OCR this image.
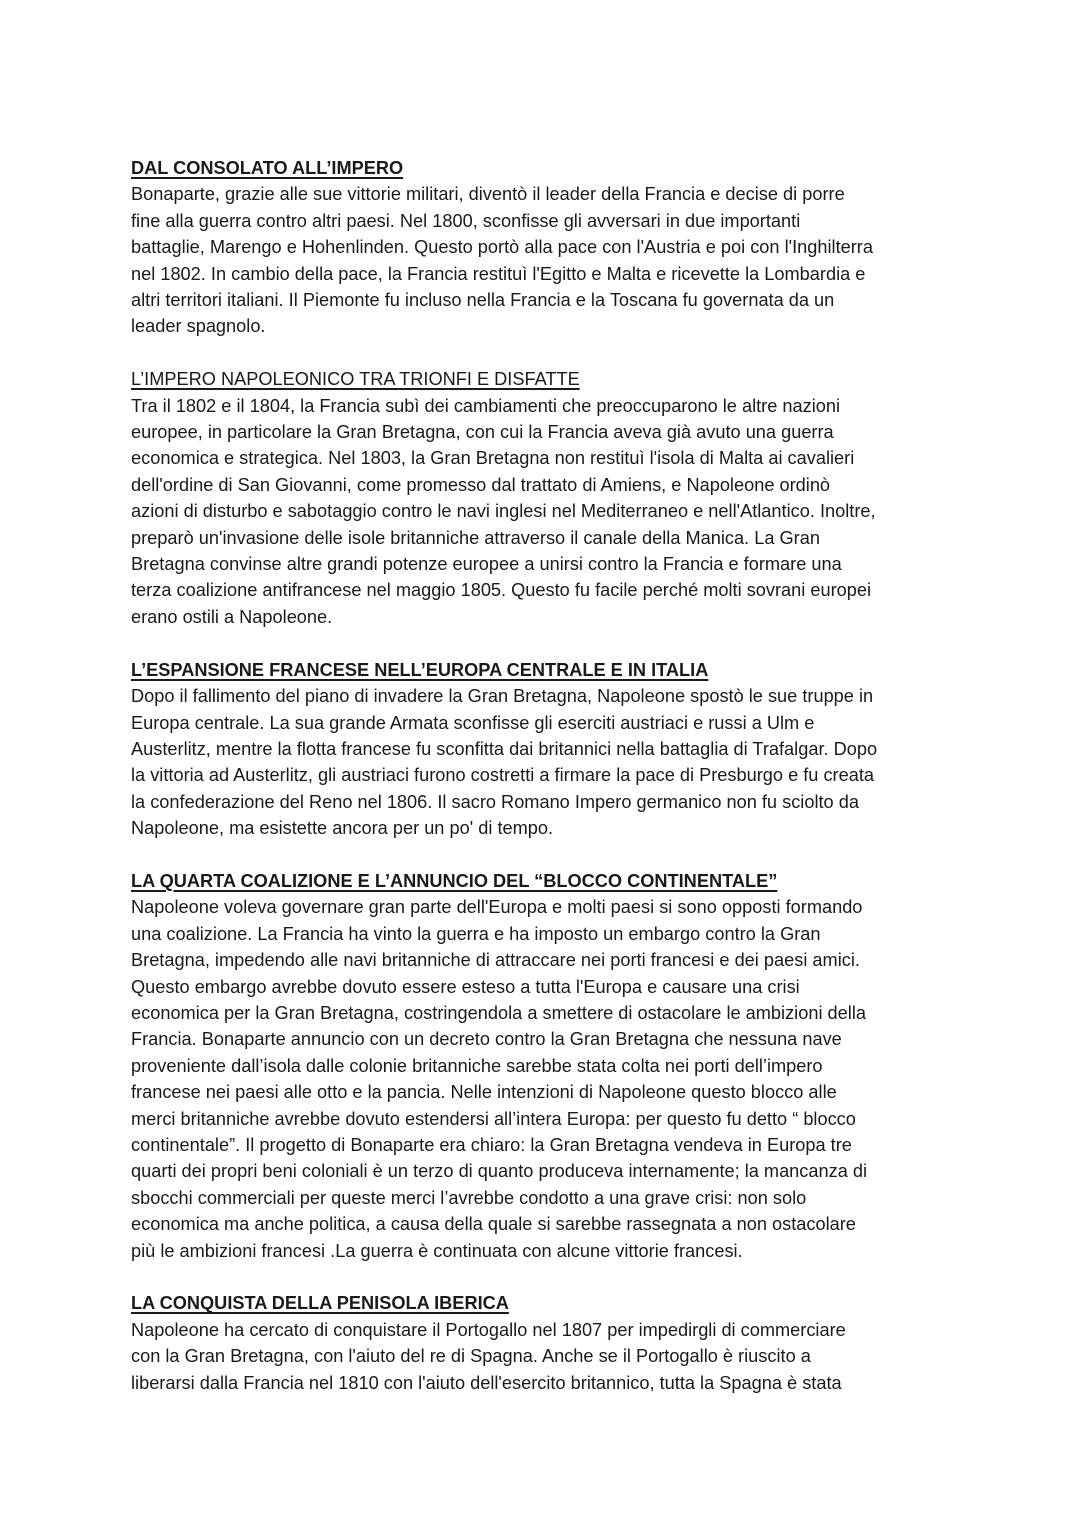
DAL CONSOLATO ALL’IMPERO

Bonaparte, grazie alle sue vittorie militari, diventò il leader della Francia e decise di porre
fine alla guerra contro altri paesi. Nel 1800, sconfisse gli avversari in due importanti
battaglie, Marengo e Hohenlinden. Questo portò alla pace con l'Austria e poi con l'Inghilterra
nel 1802. In cambio della pace, la Francia restituì l'Egitto e Malta e ricevette la Lombardia e
altri territori italiani. Il Piemonte fu incluso nella Francia e la Toscana fu governata da un
leader spagnolo.

L’IMPERO NAPOLEONICO TRA TRIONFI E DISFATTE

Tra il 1802 e il 1804, la Francia subì dei cambiamenti che preoccuparono le altre nazioni
europee, in particolare la Gran Bretagna, con cui la Francia aveva già avuto una guerra
economica e strategica. Nel 1803, la Gran Bretagna non restituì l'isola di Malta ai cavalieri
dell'ordine di San Giovanni, come promesso dal trattato di Amiens, e Napoleone ordinò
azioni di disturbo e sabotaggio contro le navi inglesi nel Mediterraneo e nell'Atlantico. Inoltre,
preparò un'invasione delle isole britanniche attraverso il canale della Manica. La Gran
Bretagna convinse altre grandi potenze europee a unirsi contro la Francia e formare una
terza coalizione antifrancese nel maggio 1805. Questo fu facile perché molti sovrani europei
erano ostili a Napoleone.

L’ESPANSIONE FRANCESE NELL’EUROPA CENTRALE E IN ITALIA

Dopo il fallimento del piano di invadere la Gran Bretagna, Napoleone spostò le sue truppe in
Europa centrale. La sua grande Armata sconfisse gli eserciti austriaci e russi a Ulm e
Austerlitz, mentre la flotta francese fu sconfitta dai britannici nella battaglia di Trafalgar. Dopo
la vittoria ad Austerlitz, gli austriaci furono costretti a firmare la pace di Presburgo e fu creata
la confederazione del Reno nel 1806. Il sacro Romano Impero germanico non fu sciolto da
Napoleone, ma esistette ancora per un po' di tempo.

LA QUARTA COALIZIONE E L’ANNUNCIO DEL “BLOCCO CONTINENTALE”

Napoleone voleva governare gran parte dell'Europa e molti paesi si sono opposti formando
una coalizione. La Francia ha vinto la guerra e ha imposto un embargo contro la Gran
Bretagna, impedendo alle navi britanniche di attraccare nei porti francesi e dei paesi amici.
Questo embargo avrebbe dovuto essere esteso a tutta l'Europa e causare una crisi
economica per la Gran Bretagna, costringendola a smettere di ostacolare le ambizioni della
Francia. Bonaparte annuncio con un decreto contro la Gran Bretagna che nessuna nave
proveniente dall’isola dalle colonie britanniche sarebbe stata colta nei porti dell’impero
francese nei paesi alle otto e la pancia. Nelle intenzioni di Napoleone questo blocco alle
merci britanniche avrebbe dovuto estendersi all’intera Europa: per questo fu detto “ blocco
continentale”. Il progetto di Bonaparte era chiaro: la Gran Bretagna vendeva in Europa tre
quarti dei propri beni coloniali è un terzo di quanto produceva internamente; la mancanza di
sbocchi commerciali per queste merci l’avrebbe condotto a una grave crisi: non solo
economica ma anche politica, a causa della quale si sarebbe rassegnata a non ostacolare
più le ambizioni francesi .La guerra è continuata con alcune vittorie francesi.

LA CONQUISTA DELLA PENISOLA IBERICA

Napoleone ha cercato di conquistare il Portogallo nel 1807 per impedirgli di commerciare
con la Gran Bretagna, con l'aiuto del re di Spagna. Anche se il Portogallo è riuscito a
liberarsi dalla Francia nel 1810 con l'aiuto dell'esercito britannico, tutta la Spagna è stata
